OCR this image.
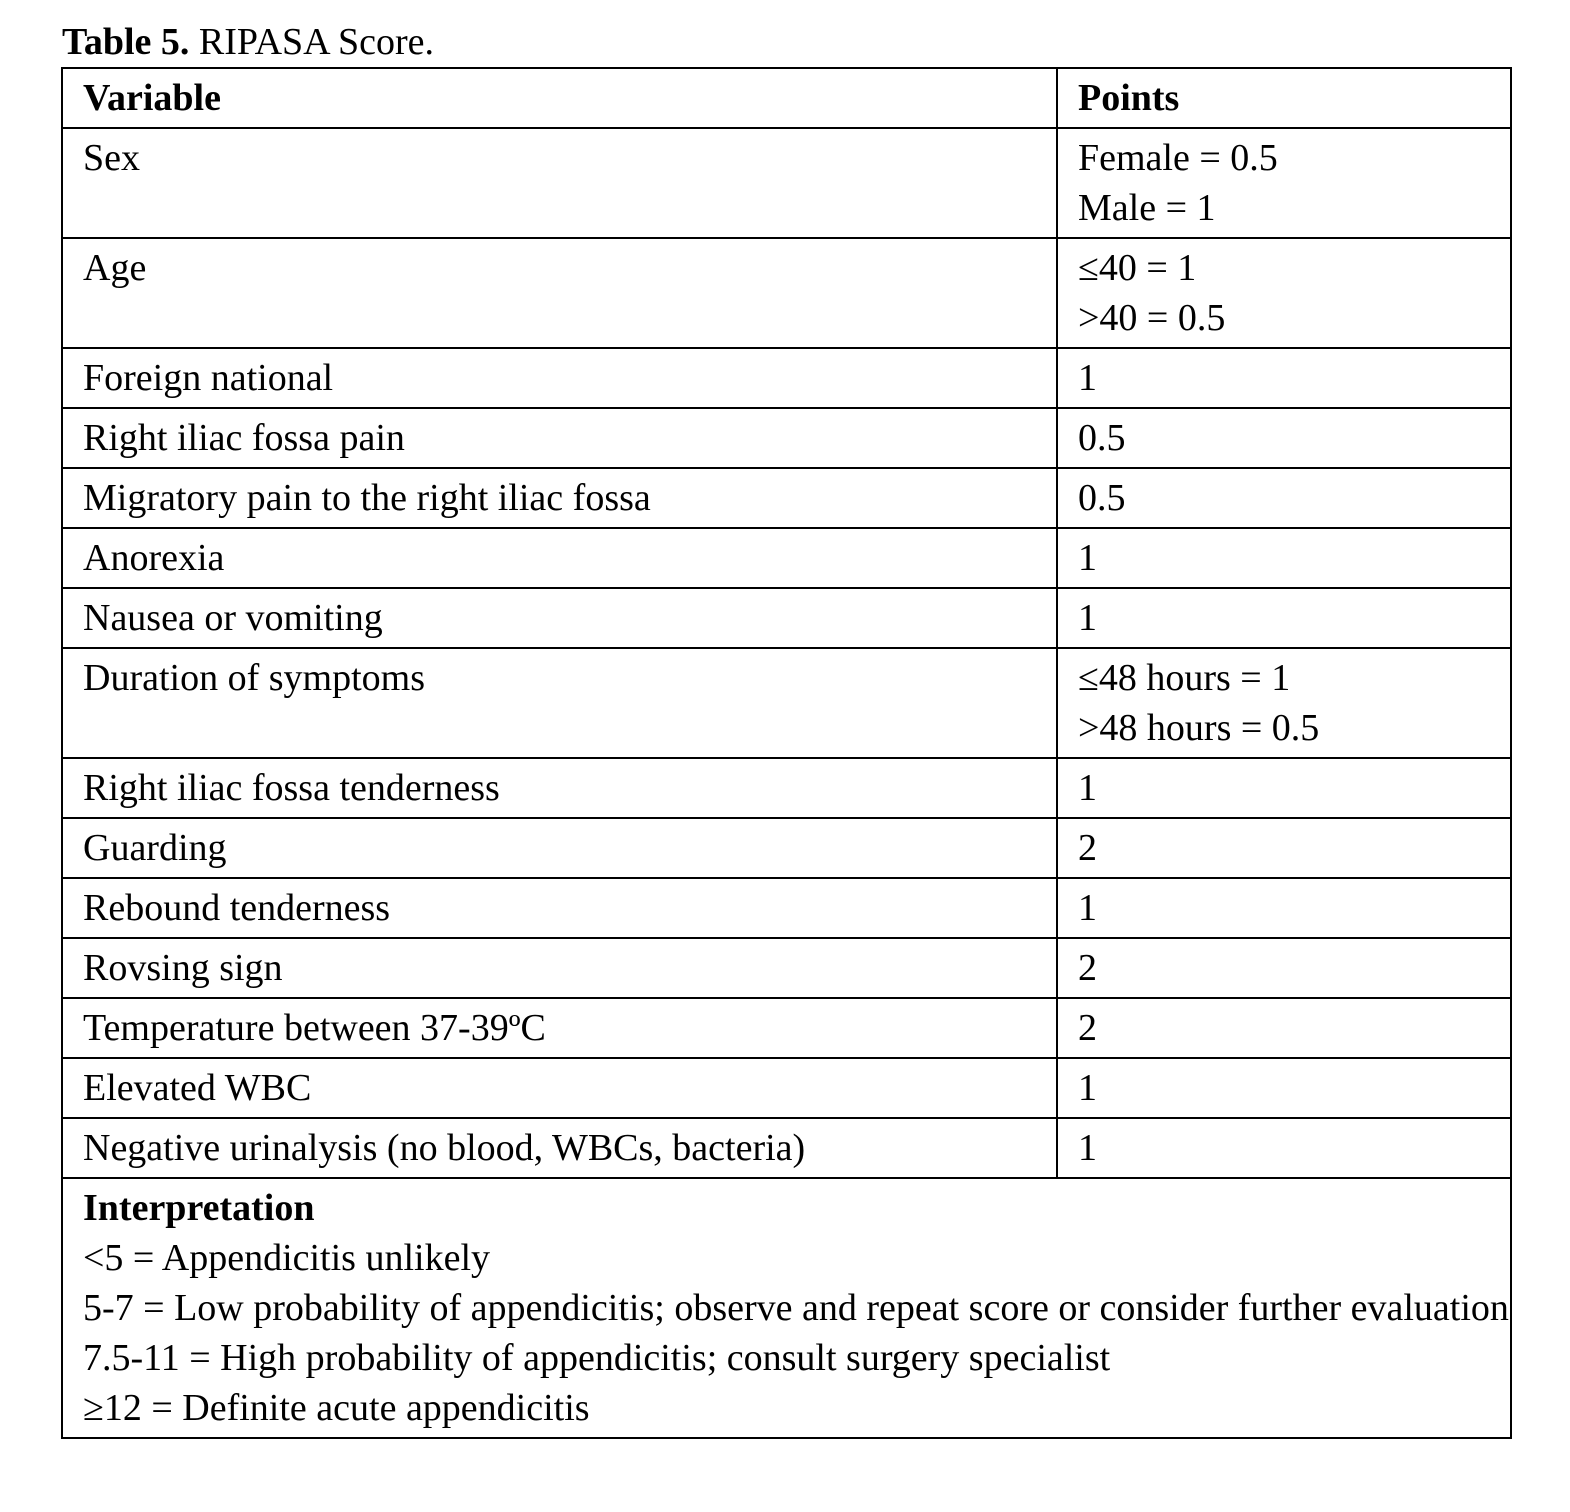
Table 5. RIPASA Score.
Variable	Points
Sex	Female = 0.5
Male = 1

Age	≤40 = 1
>40 = 0.5

Foreign national	1

Right iliac fossa pain	0.5

Migratory pain to the right iliac fossa	0.5

Anorexia	1

Nausea or vomiting	1

Duration of symptoms	≤48 hours = 1
>48 hours = 0.5

Right iliac fossa tenderness	1

Guarding	2

Rebound tenderness	1

Rovsing sign	2

Temperature between 37-39ºC	2

Elevated WBC	1

Negative urinalysis (no blood, WBCs, bacteria)	1

Interpretation
<5 = Appendicitis unlikely
5-7 = Low probability of appendicitis; observe and repeat score or consider further evaluation
7.5-11 = High probability of appendicitis; consult surgery specialist
≥12 = Definite acute appendicitis	
